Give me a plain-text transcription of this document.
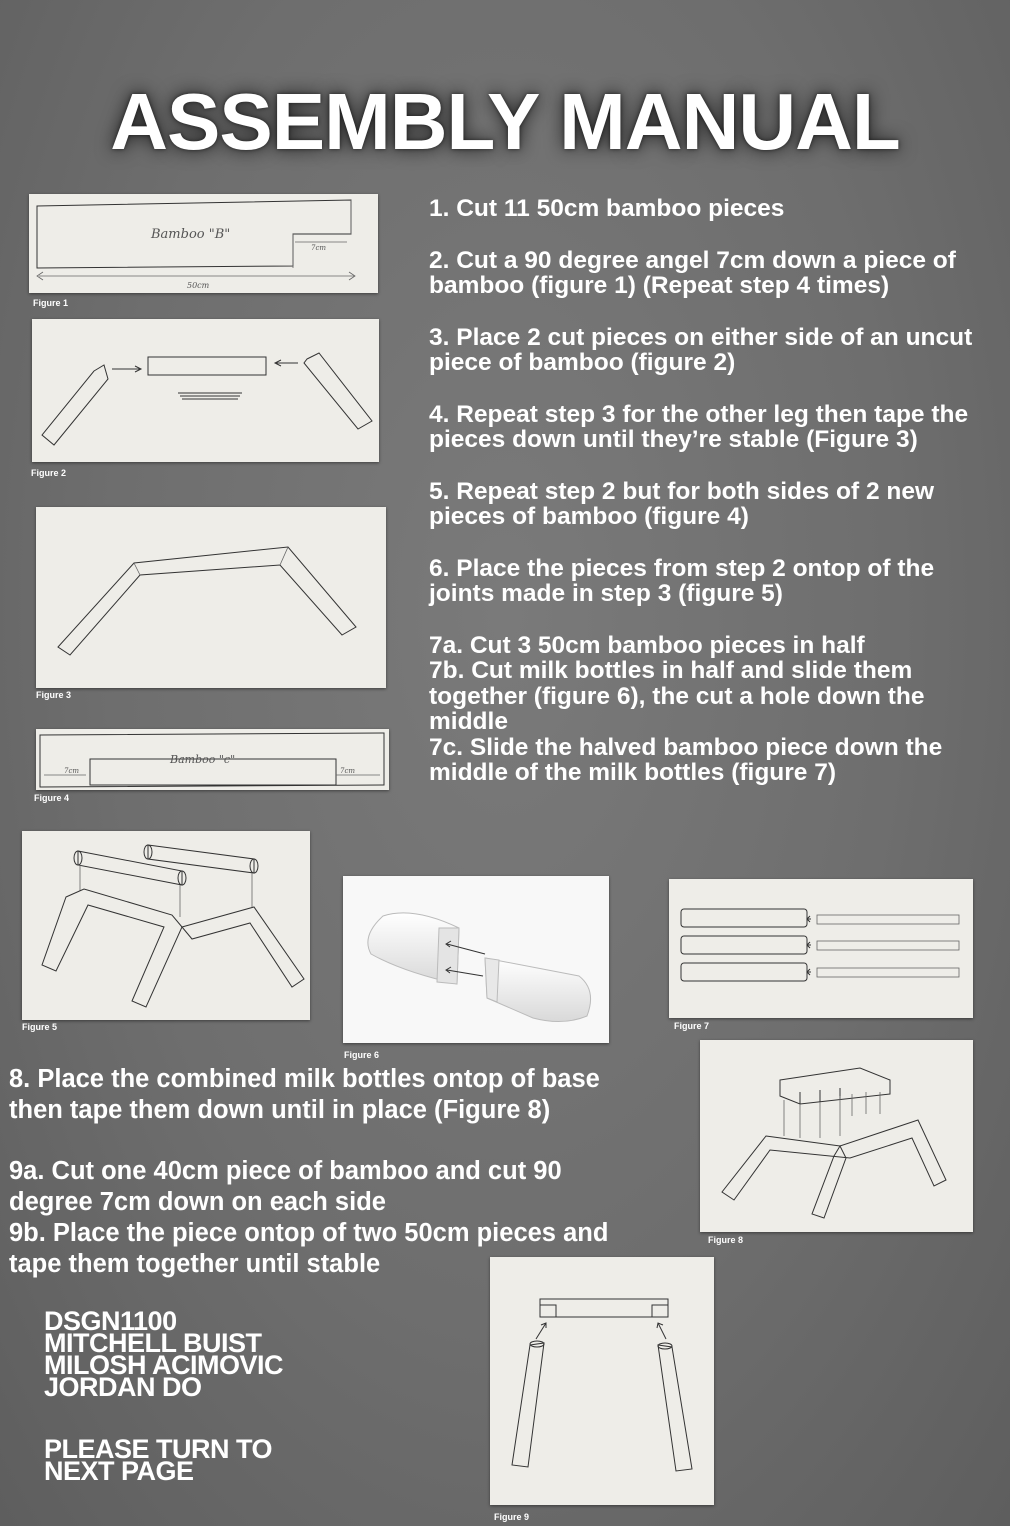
ASSEMBLY MANUAL
Bamboo "B"
7cm
50cm
Figure 1
Figure 2
Figure 3
Bamboo "c"
7cm	7cm
Figure 4
Figure 5
Figure 6
Figure 7
Figure 8
Figure 9

1. Cut 11 50cm bamboo pieces

2. Cut a 90 degree angel 7cm down a piece of bamboo (figure 1) (Repeat step 4 times)

3. Place 2 cut pieces on either side of an uncut piece of bamboo (figure 2)

4. Repeat step 3 for the other leg then tape the pieces down until they’re stable (Figure 3)

5. Repeat step 2 but for both sides of 2 new pieces of bamboo (figure 4)

6. Place the pieces from step 2 ontop of the joints made in step 3 (figure 5)

7a. Cut 3 50cm bamboo pieces in half

7b. Cut milk bottles in half and slide them together (figure 6), the cut a hole down the middle

7c. Slide the halved bamboo piece down the middle of the milk bottles (figure 7)

8. Place the combined milk bottles ontop of base then tape them down until in place (Figure 8)

9a. Cut one 40cm piece of bamboo and cut 90 degree 7cm down on each side

9b. Place the piece ontop of two 50cm pieces and tape them together until stable

DSGN1100
MITCHELL BUIST
MILOSH ACIMOVIC
JORDAN DO
PLEASE TURN TO NEXT PAGE
